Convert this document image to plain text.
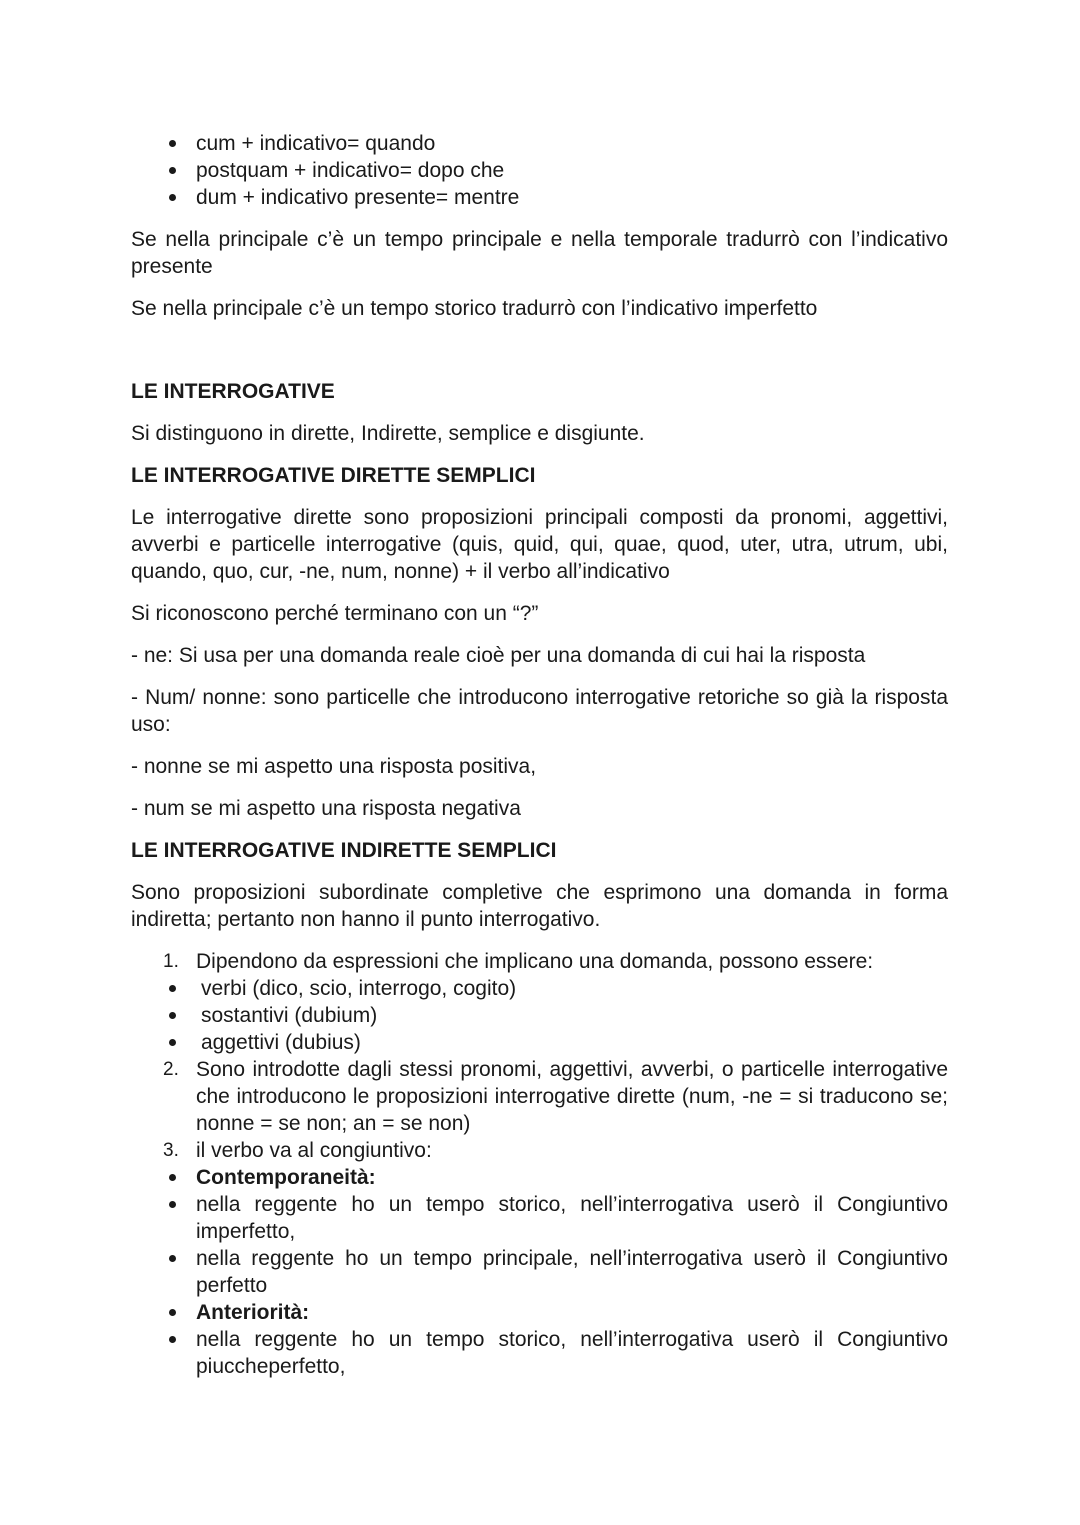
cum + indicativo= quando
postquam + indicativo= dopo che
dum + indicativo presente= mentre

Se nella principale c’è un tempo principale e nella temporale tradurrò con l’indicativo presente

Se nella principale c’è un tempo storico tradurrò con l’indicativo imperfetto

LE INTERROGATIVE

Si distinguono in dirette, Indirette, semplice e disgiunte.

LE INTERROGATIVE DIRETTE SEMPLICI

Le interrogative dirette sono proposizioni principali composti da pronomi, aggettivi, avverbi e particelle interrogative (quis, quid, qui, quae, quod, uter, utra, utrum, ubi, quando, quo, cur, -ne, num, nonne) + il verbo all’indicativo

Si riconoscono perché terminano con un “?”

- ne: Si usa per una domanda reale cioè per una domanda di cui hai la risposta

- Num/ nonne: sono particelle che introducono interrogative retoriche so già la risposta uso:

- nonne se mi aspetto una risposta positiva,

- num se mi aspetto una risposta negativa

LE INTERROGATIVE INDIRETTE SEMPLICI

Sono proposizioni subordinate completive che esprimono una domanda in forma indiretta; pertanto non hanno il punto interrogativo.

1. Dipendono da espressioni che implicano una domanda, possono essere:
verbi (dico, scio, interrogo, cogito)
sostantivi (dubium)
aggettivi (dubius)
2. Sono introdotte dagli stessi pronomi, aggettivi, avverbi, o particelle interrogative che introducono le proposizioni interrogative dirette (num, -ne = si traducono se; nonne = se non; an = se non)
3. il verbo va al congiuntivo:
Contemporaneità:
nella reggente ho un tempo storico, nell’interrogativa userò il Congiuntivo imperfetto,
nella reggente ho un tempo principale, nell’interrogativa userò il Congiuntivo perfetto
Anteriorità:
nella reggente ho un tempo storico, nell’interrogativa userò il Congiuntivo piuccheperfetto,
